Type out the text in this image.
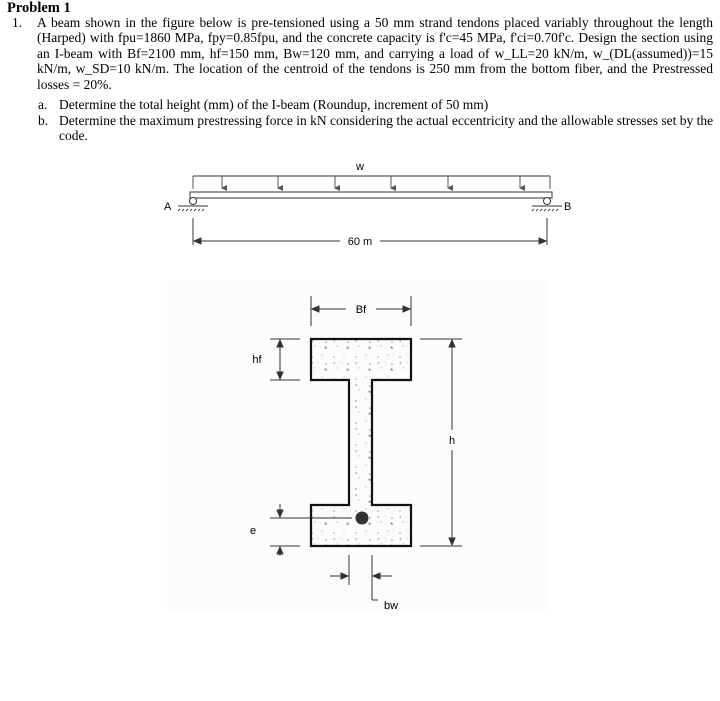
Problem 1
1. A beam shown in the figure below is pre-tensioned using a 50 mm strand tendons placed variably throughout the length (Harped) with fpu=1860 MPa, fpy=0.85fpu, and the concrete capacity is f'c=45 MPa, f'ci=0.70f'c. Design the section using an I-beam with Bf=2100 mm, hf=150 mm, Bw=120 mm, and carrying a load of w_LL=20 kN/m, w_(DL(assumed))=15 kN/m, w_SD=10 kN/m. The location of the centroid of the tendons is 250 mm from the bottom fiber, and the Prestressed losses = 20%.
a. Determine the total height (mm) of the I-beam (Roundup, increment of 50 mm)
b. Determine the maximum prestressing force in kN considering the actual eccentricity and the allowable stresses set by the code.
w
A	B
60 m
Bf
hf
h
e
bw
